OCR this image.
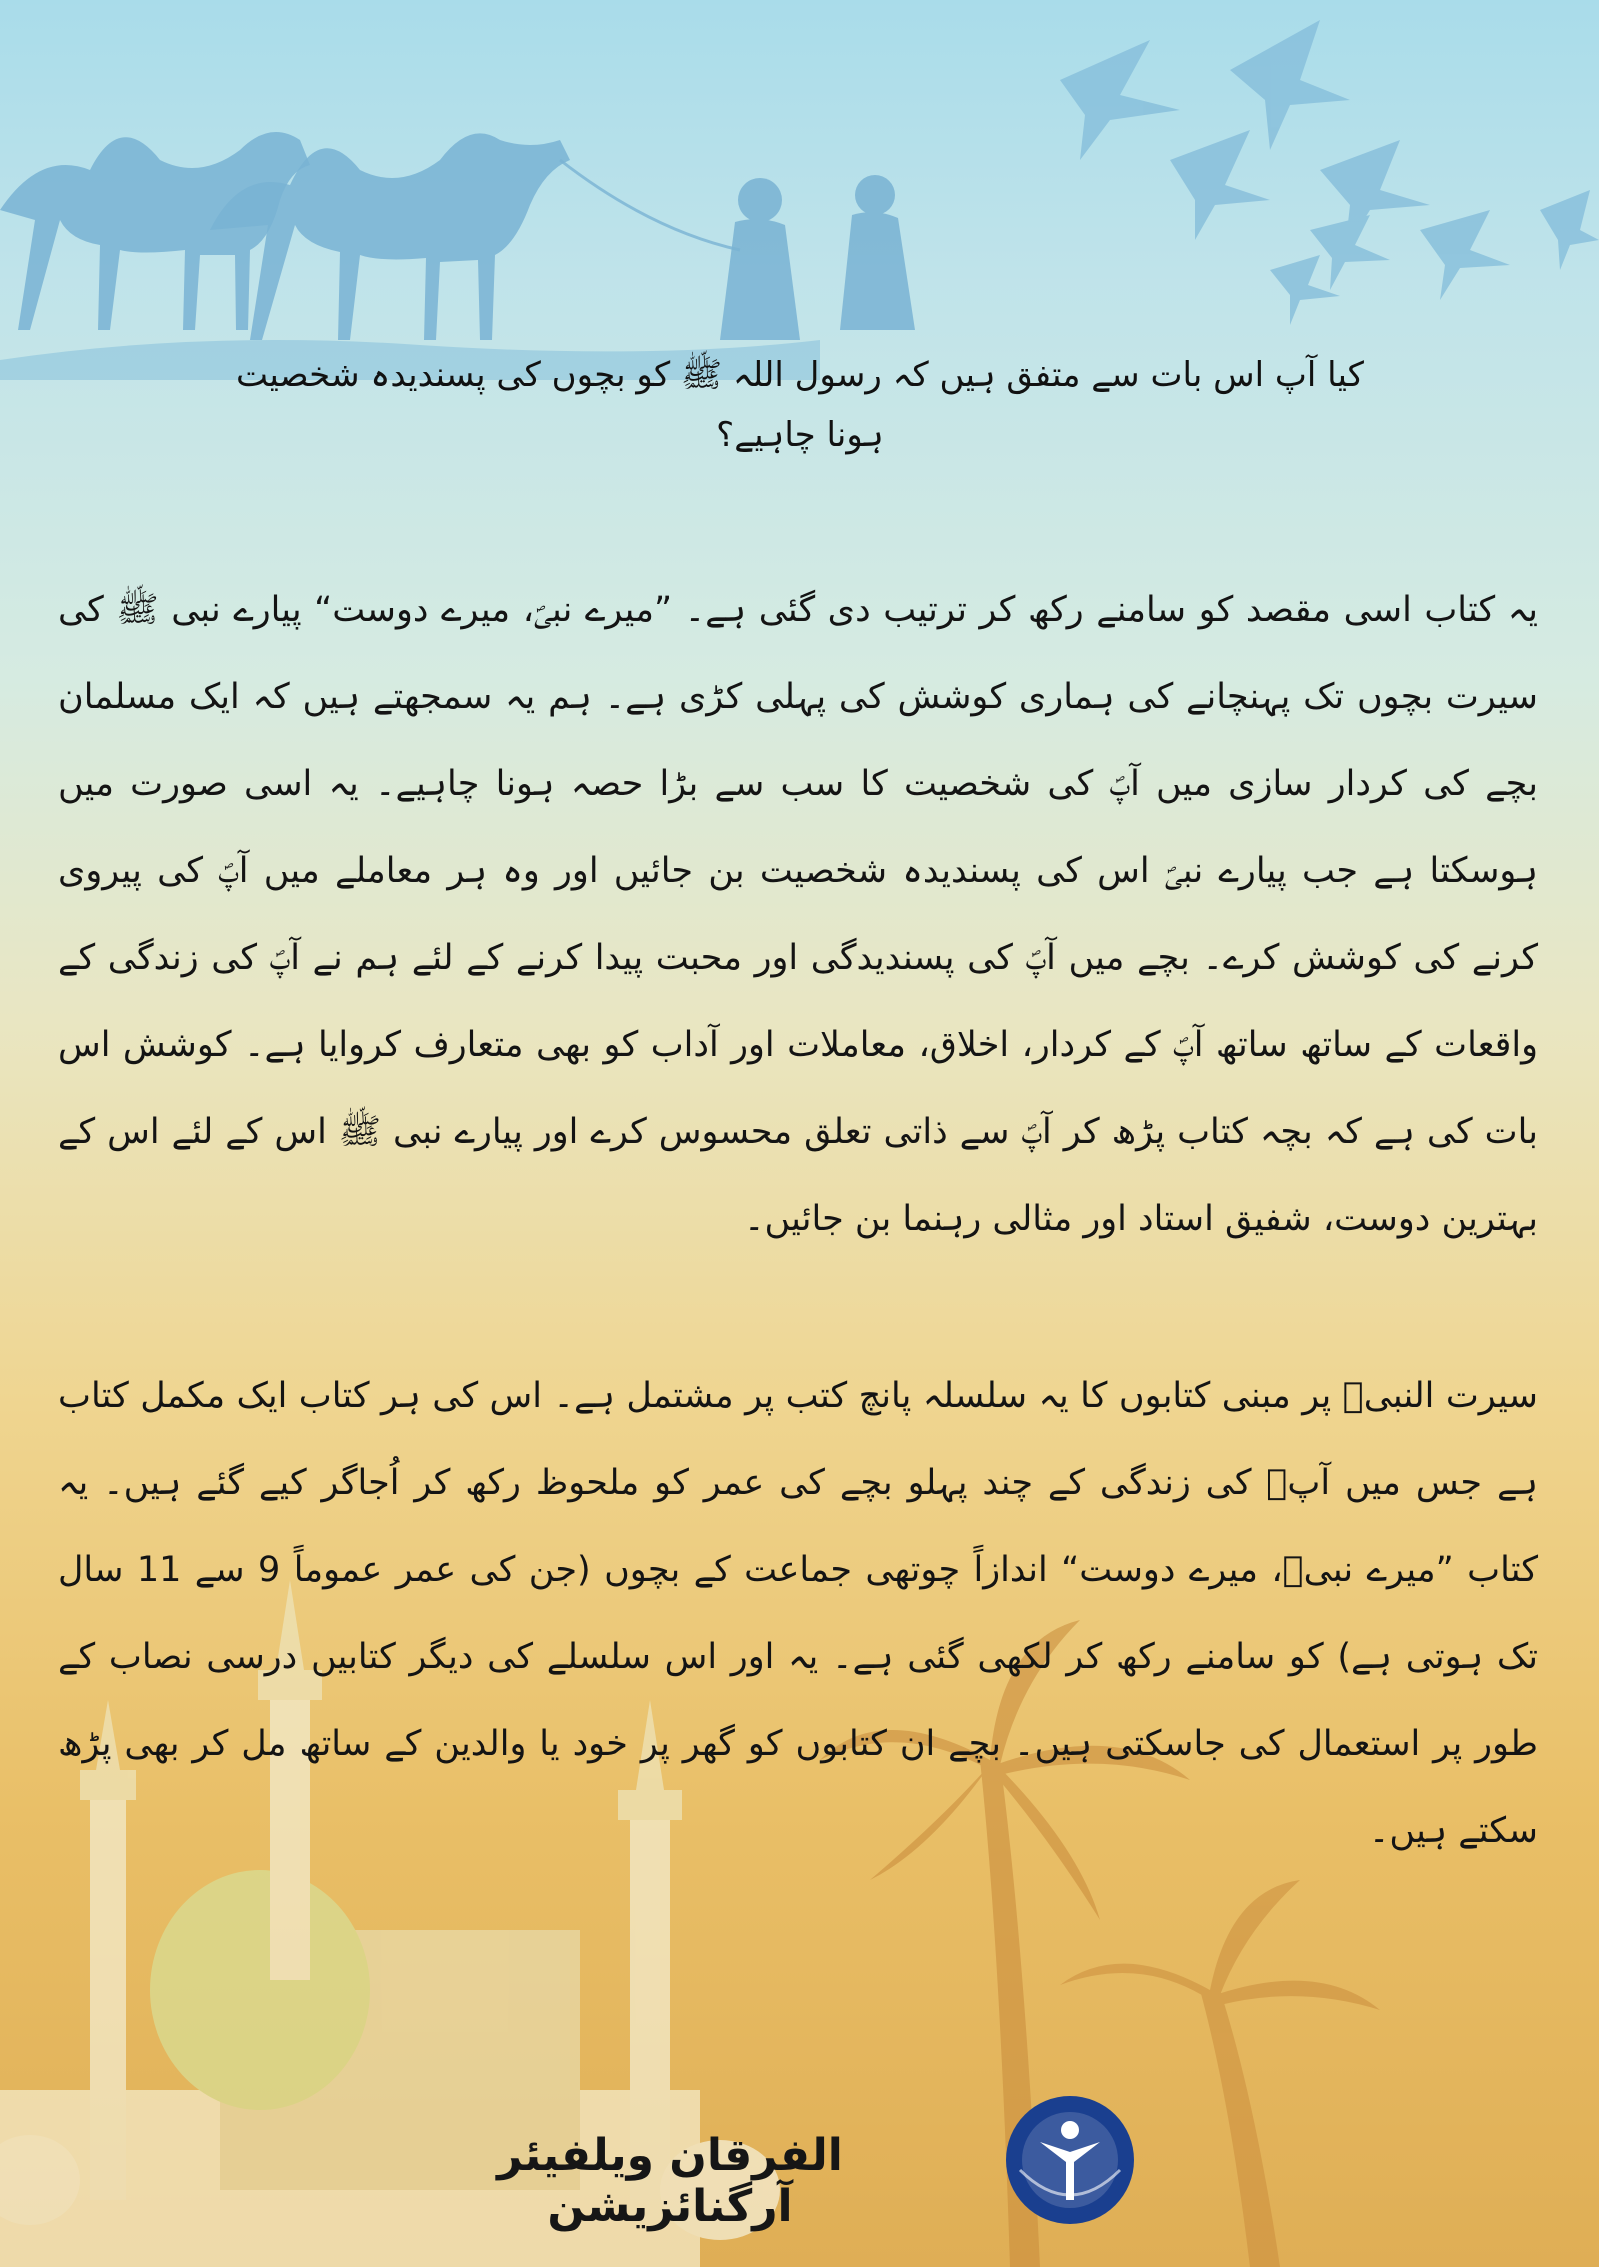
کیا آپ اس بات سے متفق ہیں کہ رسول اللہ ﷺ کو بچوں کی پسندیدہ شخصیت ہونا چاہیے؟

یہ کتاب اسی مقصد کو سامنے رکھ کر ترتیب دی گئی ہے۔ ”میرے نبیؐ، میرے دوست“ پیارے نبی ﷺ کی سیرت بچوں تک پہنچانے کی ہماری کوشش کی پہلی کڑی ہے۔ ہم یہ سمجھتے ہیں کہ ایک مسلمان بچے کی کردار سازی میں آپؐ کی شخصیت کا سب سے بڑا حصہ ہونا چاہیے۔ یہ اسی صورت میں ہوسکتا ہے جب پیارے نبیؐ اس کی پسندیدہ شخصیت بن جائیں اور وہ ہر معاملے میں آپؐ کی پیروی کرنے کی کوشش کرے۔ بچے میں آپؐ کی پسندیدگی اور محبت پیدا کرنے کے لئے ہم نے آپؐ کی زندگی کے واقعات کے ساتھ ساتھ آپؐ کے کردار، اخلاق، معاملات اور آداب کو بھی متعارف کروایا ہے۔ کوشش اس بات کی ہے کہ بچہ کتاب پڑھ کر آپؐ سے ذاتی تعلق محسوس کرے اور پیارے نبی ﷺ اس کے لئے اس کے بہترین دوست، شفیق استاد اور مثالی رہنما بن جائیں۔

سیرت النبیؐ پر مبنی کتابوں کا یہ سلسلہ پانچ کتب پر مشتمل ہے۔ اس کی ہر کتاب ایک مکمل کتاب ہے جس میں آپؐ کی زندگی کے چند پہلو بچے کی عمر کو ملحوظ رکھ کر اُجاگر کیے گئے ہیں۔ یہ کتاب ”میرے نبیؐ، میرے دوست“ اندازاً چوتھی جماعت کے بچوں (جن کی عمر عموماً 9 سے 11 سال تک ہوتی ہے) کو سامنے رکھ کر لکھی گئی ہے۔ یہ اور اس سلسلے کی دیگر کتابیں درسی نصاب کے طور پر استعمال کی جاسکتی ہیں۔ بچے ان کتابوں کو گھر پر خود یا والدین کے ساتھ مل کر بھی پڑھ سکتے ہیں۔

الفرقان ویلفیئر آرگنائزیشن
